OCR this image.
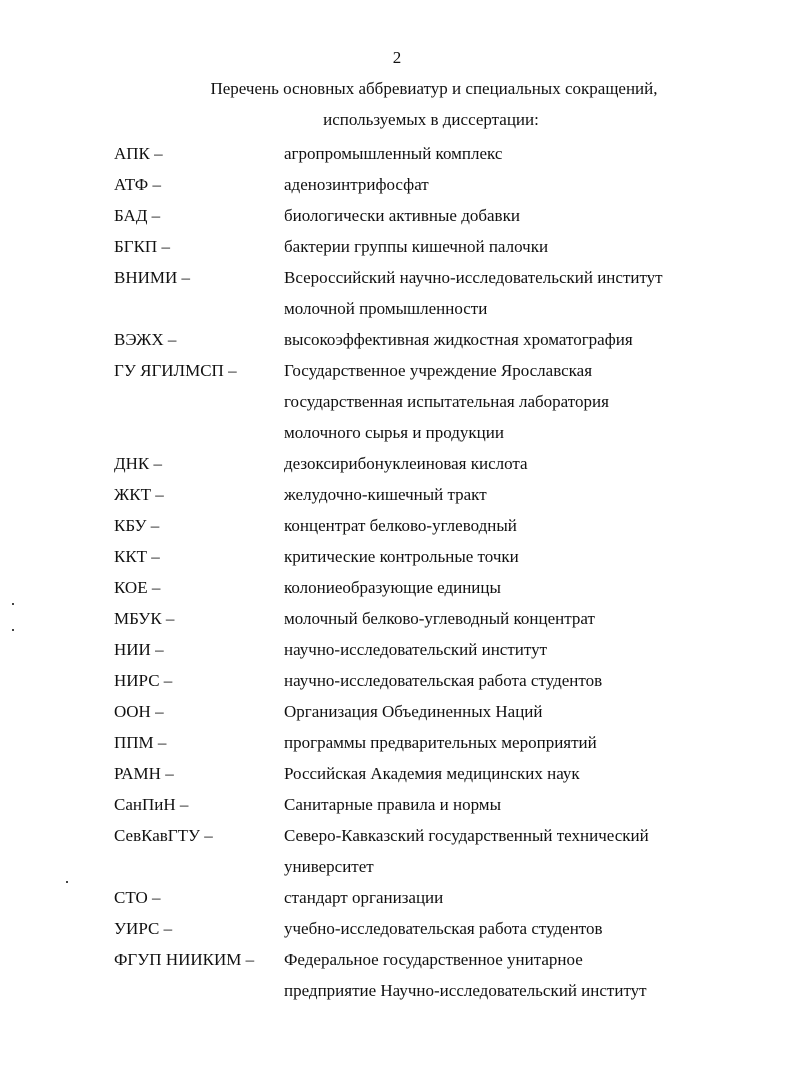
2
Перечень основных аббревиатур и специальных сокращений,
используемых в диссертации:
АПК –	агропромышленный комплекс
АТФ –	аденозинтрифосфат
БАД –	биологически активные добавки
БГКП –	бактерии группы кишечной палочки
ВНИМИ –	Всероссийский научно-исследовательский институт
молочной промышленности
ВЭЖХ –	высокоэффективная жидкостная хроматография
ГУ ЯГИЛМСП –	Государственное учреждение Ярославская
государственная испытательная лаборатория
молочного сырья и продукции
ДНК –	дезоксирибонуклеиновая кислота
ЖКТ –	желудочно-кишечный тракт
КБУ –	концентрат белково-углеводный
ККТ –	критические контрольные точки
КОЕ –	колониеобразующие единицы
МБУК –	молочный белково-углеводный концентрат
НИИ –	научно-исследовательский институт
НИРС –	научно-исследовательская работа студентов
ООН –	Организация Объединенных Наций
ППМ –	программы предварительных мероприятий
РАМН –	Российская Академия медицинских наук
СанПиН –	Санитарные правила и нормы
СевКавГТУ –	Северо-Кавказский государственный технический
университет
СТО –	стандарт организации
УИРС –	учебно-исследовательская работа студентов
ФГУП НИИКИМ –	Федеральное государственное унитарное
предприятие Научно-исследовательский институт
